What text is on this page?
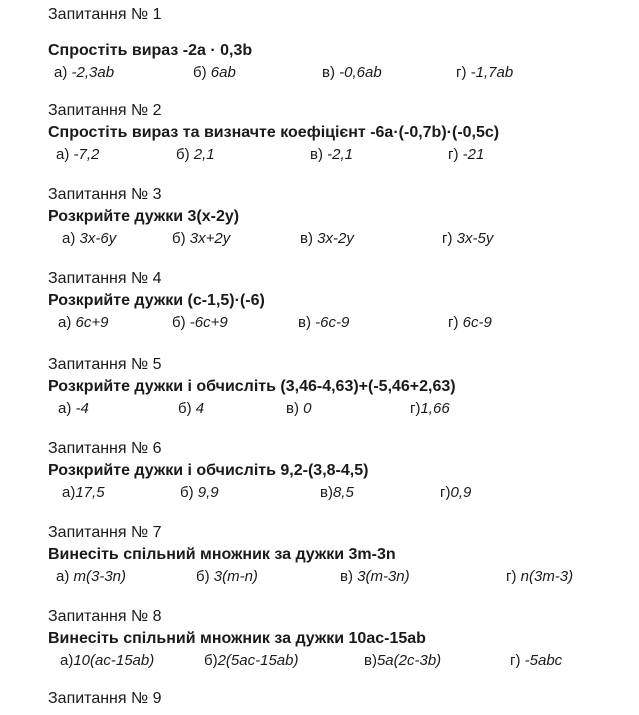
Запитання № 1
Спростіть вираз -2a · 0,3b
а) -2,3ab	б) 6ab	в) -0,6ab	г) -1,7ab
Запитання № 2
Спростіть вираз та визначте коефіцієнт -6a·(-0,7b)·(-0,5c)
а) -7,2	б) 2,1	в) -2,1	г) -21
Запитання № 3
Розкрийте дужки 3(x-2y)
а) 3x-6y	б) 3x+2y	в) 3x-2y	г) 3x-5y
Запитання № 4
Розкрийте дужки (c-1,5)·(-6)
а) 6c+9	б) -6c+9	в) -6c-9	г) 6c-9
Запитання № 5
Розкрийте дужки і обчисліть (3,46-4,63)+(-5,46+2,63)
а) -4	б) 4	в) 0	г)1,66
Запитання № 6
Розкрийте дужки і обчисліть 9,2-(3,8-4,5)
а)17,5	б) 9,9	в)8,5	г)0,9
Запитання № 7
Винесіть спільний множник за дужки 3m-3n
а) m(3-3n)	б) 3(m-n)	в) 3(m-3n)	г) n(3m-3)
Запитання № 8
Винесіть спільний множник за дужки 10ac-15ab
а)10(ac-15ab)	б)2(5ac-15ab)	в)5a(2c-3b)	г) -5abc
Запитання № 9
